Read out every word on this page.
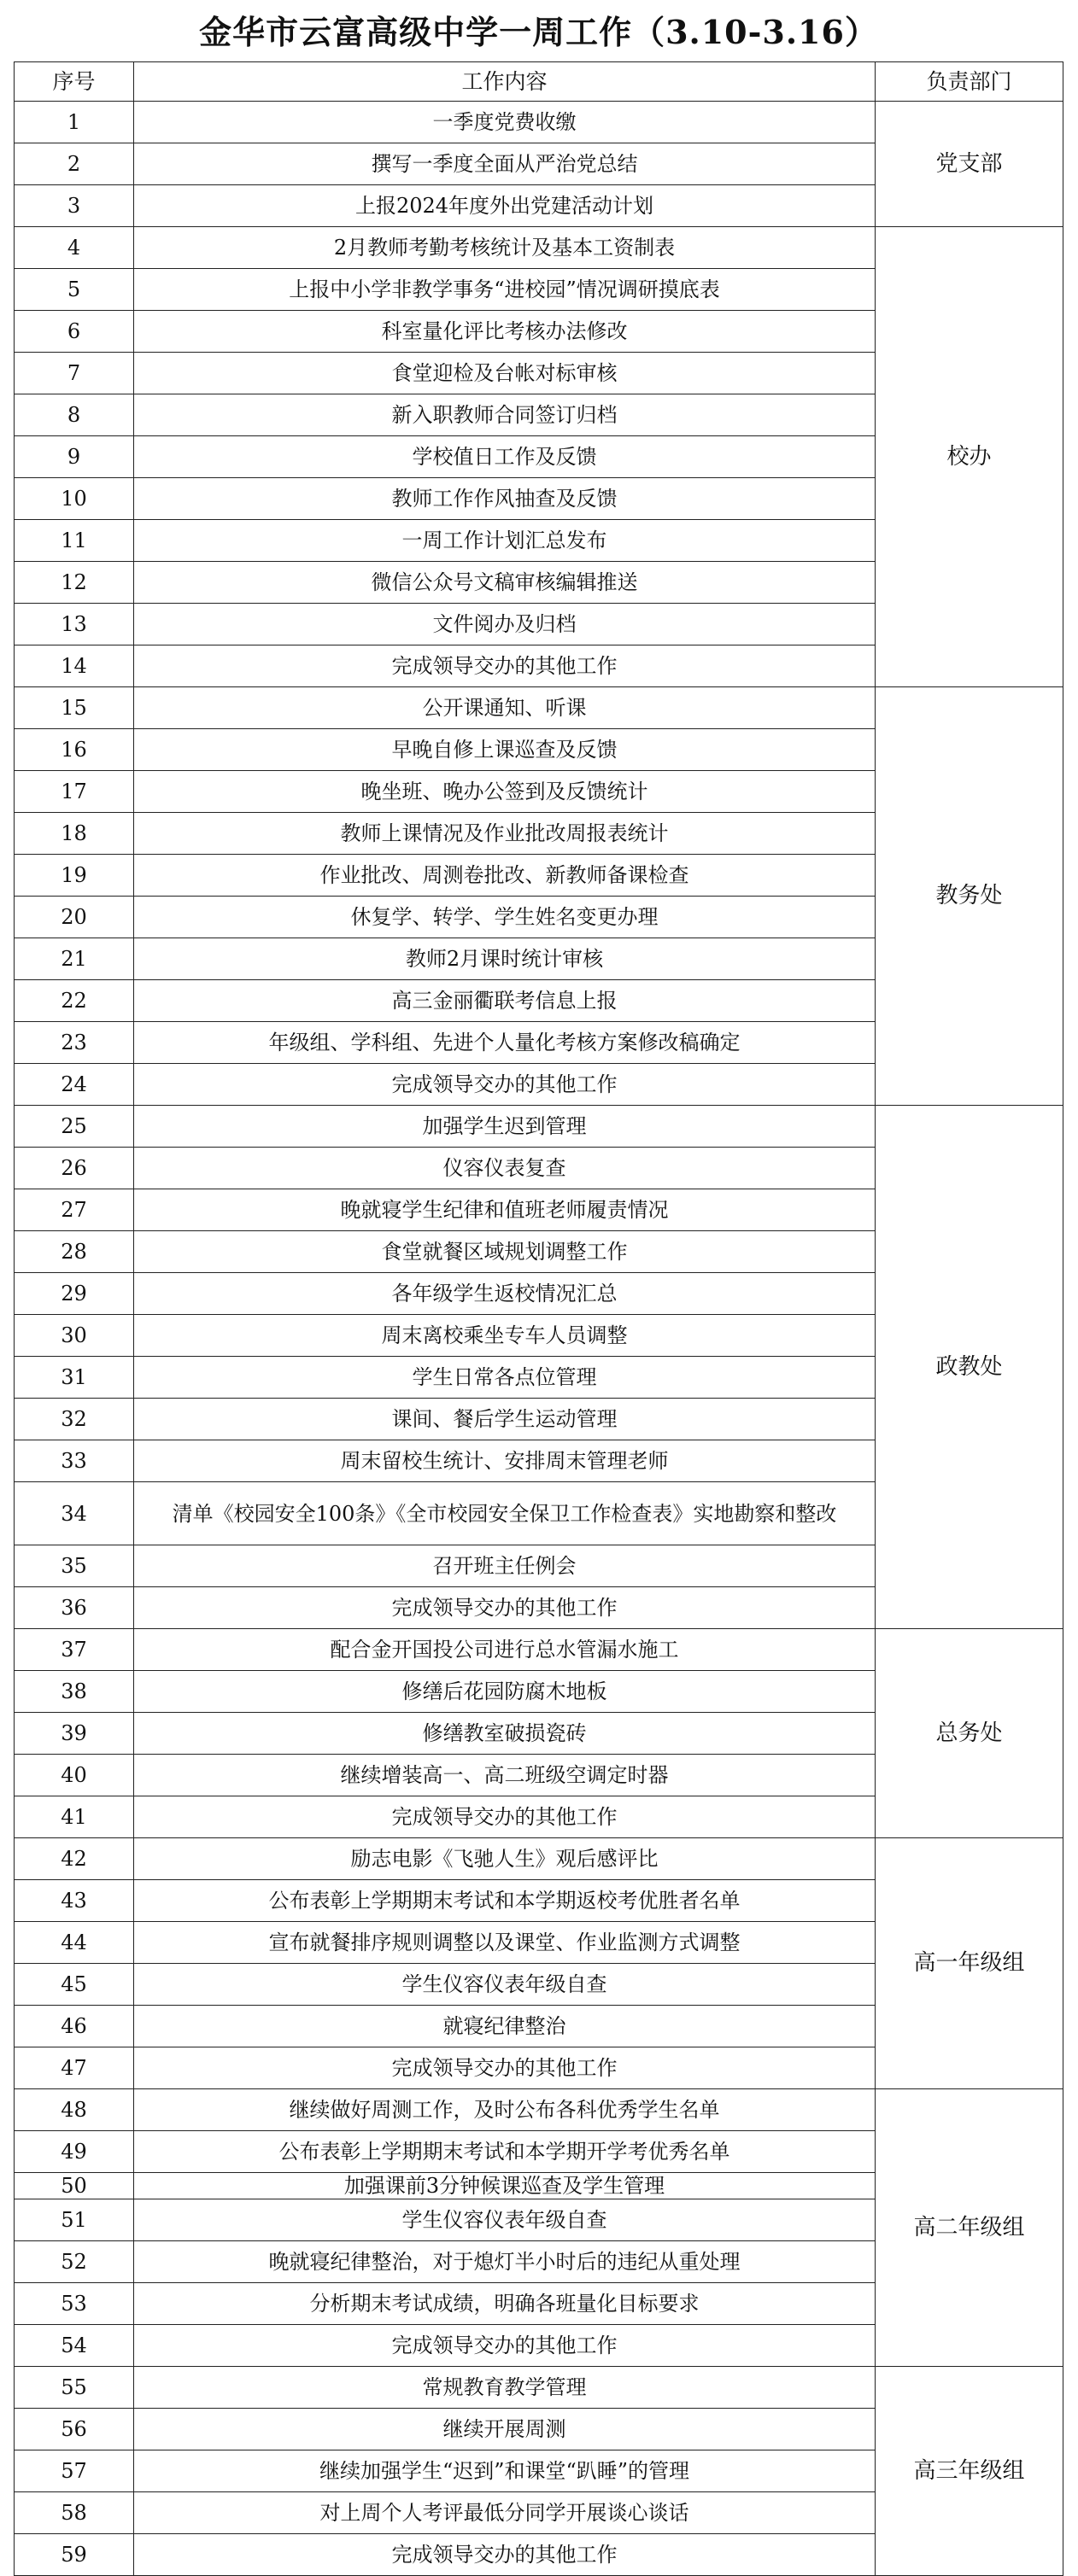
金华市云富高级中学一周工作（3.10-3.16）
序号	工作内容	负责部门
1	一季度党费收缴	党支部
2	撰写一季度全面从严治党总结	
3	上报2024年度外出党建活动计划	
4	2月教师考勤考核统计及基本工资制表	校办
5	上报中小学非教学事务“进校园”情况调研摸底表	
6	科室量化评比考核办法修改	
7	食堂迎检及台帐对标审核	
8	新入职教师合同签订归档	
9	学校值日工作及反馈	
10	教师工作作风抽查及反馈	
11	一周工作计划汇总发布	
12	微信公众号文稿审核编辑推送	
13	文件阅办及归档	
14	完成领导交办的其他工作	
15	公开课通知、听课	教务处
16	早晚自修上课巡查及反馈	
17	晚坐班、晚办公签到及反馈统计	
18	教师上课情况及作业批改周报表统计	
19	作业批改、周测卷批改、新教师备课检查	
20	休复学、转学、学生姓名变更办理	
21	教师2月课时统计审核	
22	高三金丽衢联考信息上报	
23	年级组、学科组、先进个人量化考核方案修改稿确定	
24	完成领导交办的其他工作	
25	加强学生迟到管理	政教处
26	仪容仪表复查	
27	晚就寝学生纪律和值班老师履责情况	
28	食堂就餐区域规划调整工作	
29	各年级学生返校情况汇总	
30	周末离校乘坐专车人员调整	
31	学生日常各点位管理	
32	课间、餐后学生运动管理	
33	周末留校生统计、安排周末管理老师	
34	清单《校园安全100条》《全市校园安全保卫工作检查表》实地勘察和整改	
35	召开班主任例会	
36	完成领导交办的其他工作	
37	配合金开国投公司进行总水管漏水施工	总务处
38	修缮后花园防腐木地板	
39	修缮教室破损瓷砖	
40	继续增装高一、高二班级空调定时器	
41	完成领导交办的其他工作	
42	励志电影《飞驰人生》观后感评比	高一年级组
43	公布表彰上学期期末考试和本学期返校考优胜者名单	
44	宣布就餐排序规则调整以及课堂、作业监测方式调整	
45	学生仪容仪表年级自查	
46	就寝纪律整治	
47	完成领导交办的其他工作	
48	继续做好周测工作，及时公布各科优秀学生名单	高二年级组
49	公布表彰上学期期末考试和本学期开学考优秀名单	
50	加强课前3分钟候课巡查及学生管理	
51	学生仪容仪表年级自查	
52	晚就寝纪律整治，对于熄灯半小时后的违纪从重处理	
53	分析期末考试成绩，明确各班量化目标要求	
54	完成领导交办的其他工作	
55	常规教育教学管理	高三年级组
56	继续开展周测	
57	继续加强学生“迟到”和课堂“趴睡”的管理	
58	对上周个人考评最低分同学开展谈心谈话	
59	完成领导交办的其他工作	
